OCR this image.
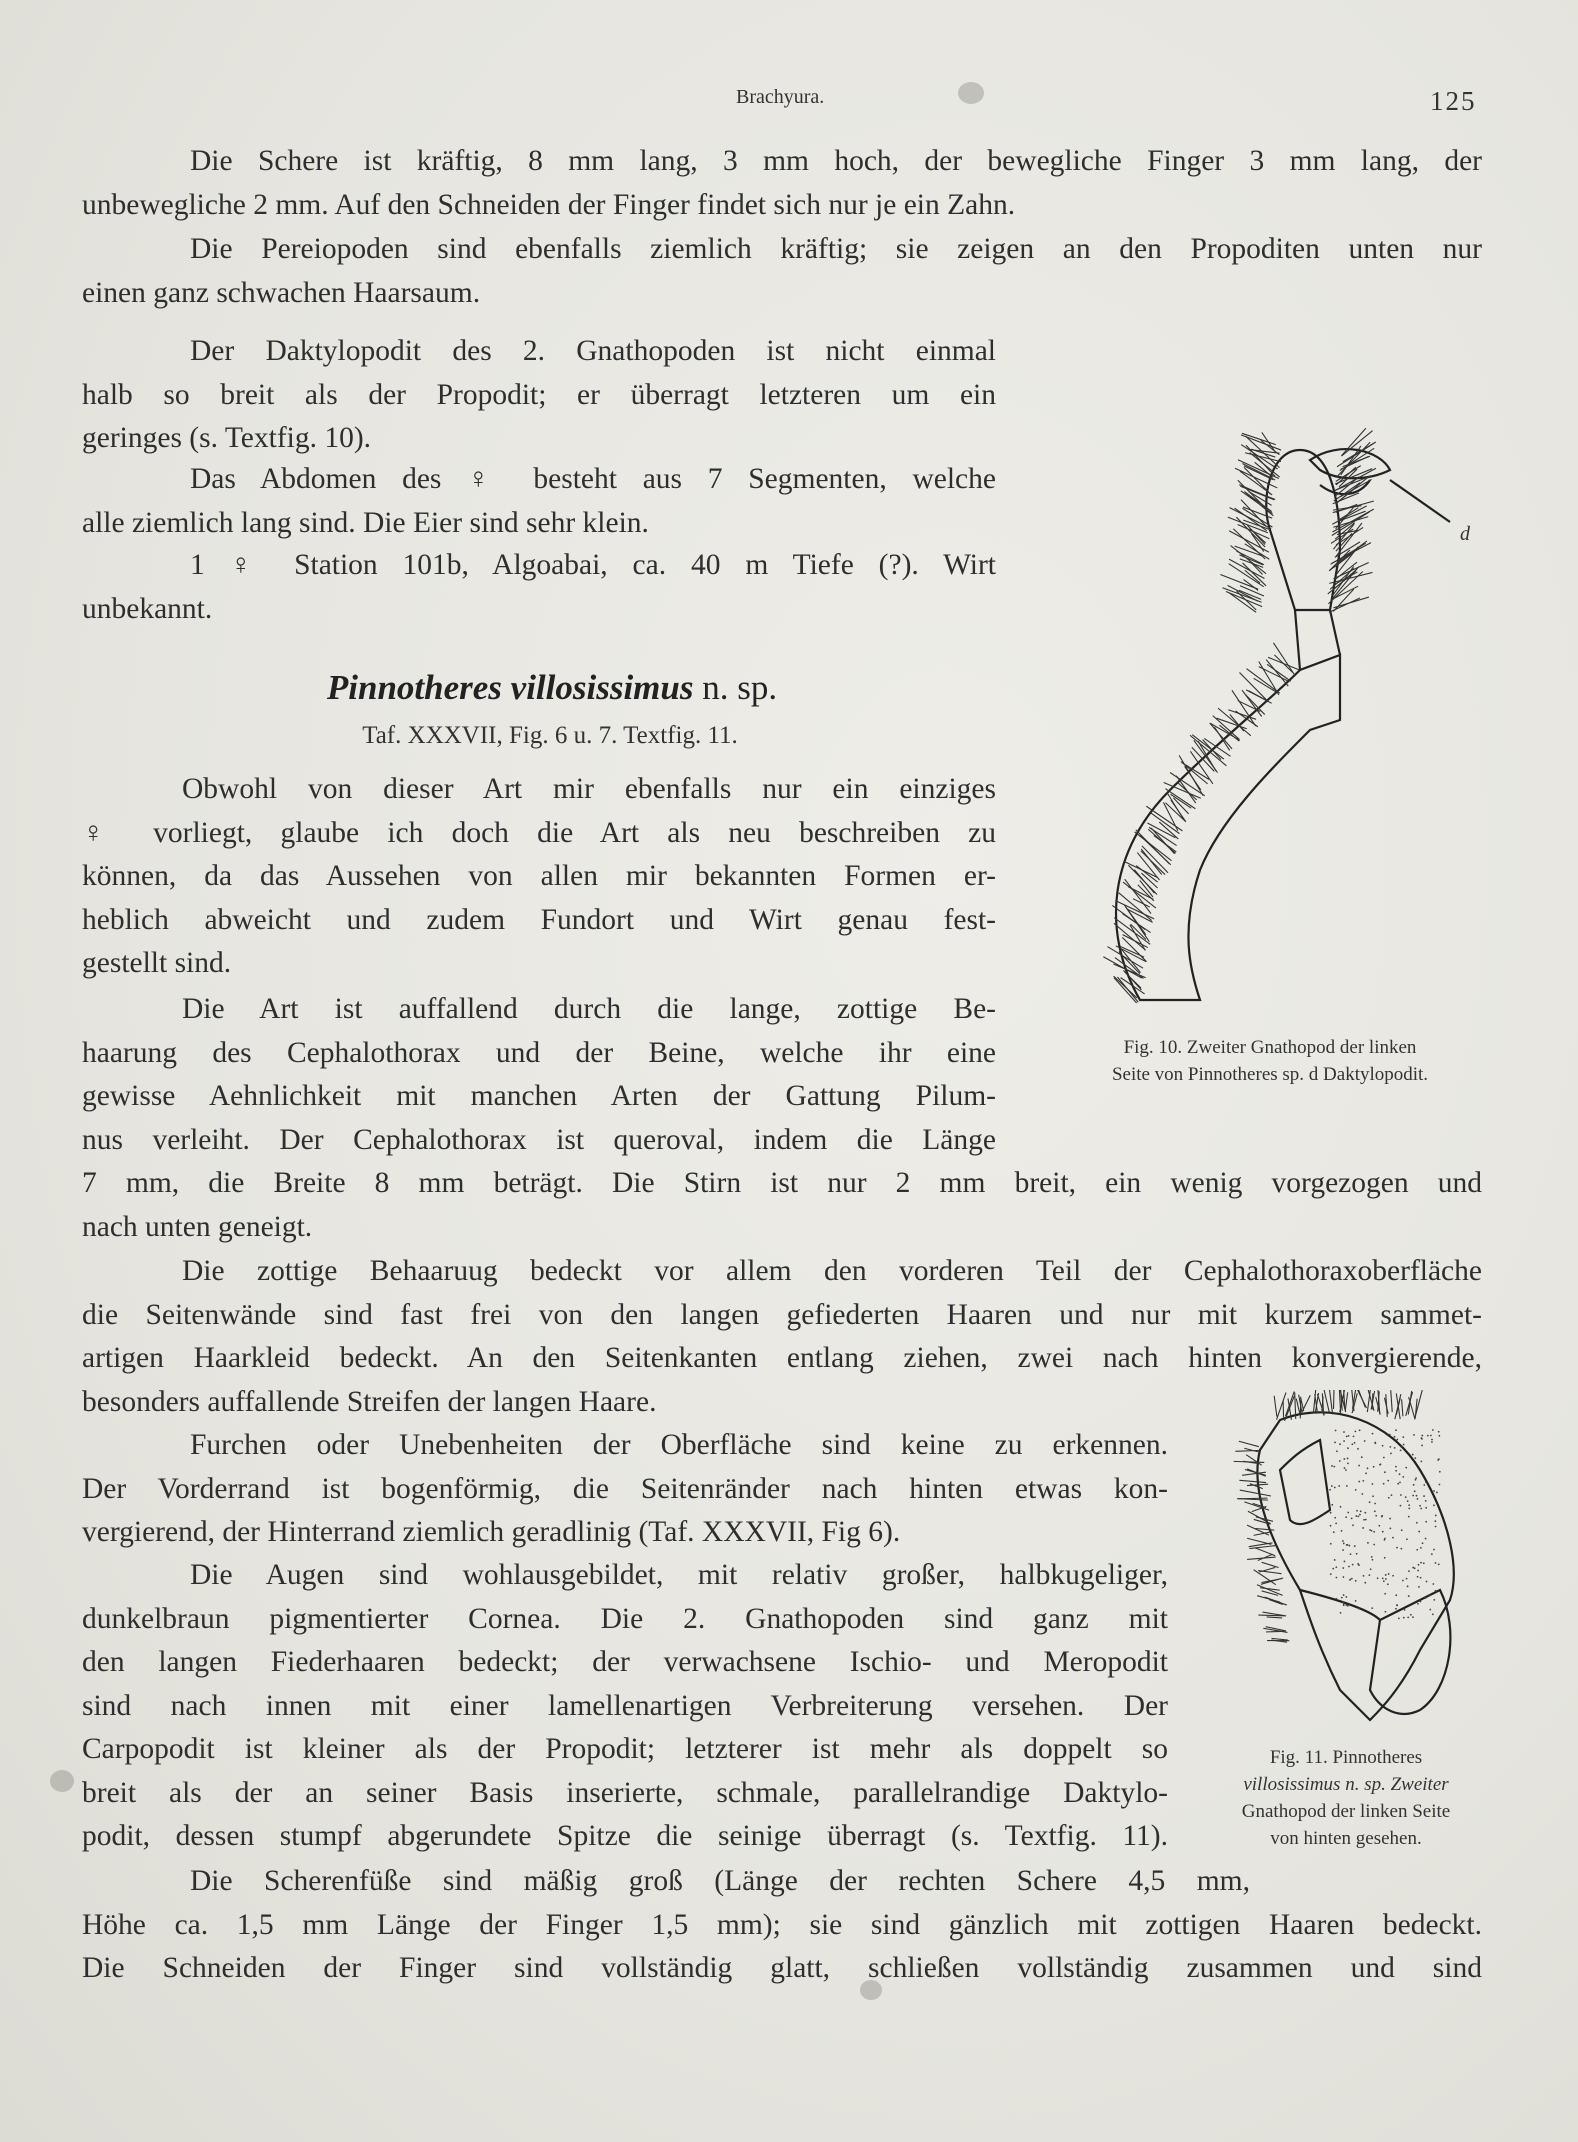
Brachyura.	125
Die Schere ist kräftig, 8 mm lang, 3 mm hoch, der bewegliche Finger 3 mm lang, der
unbewegliche 2 mm. Auf den Schneiden der Finger findet sich nur je ein Zahn.
Die Pereiopoden sind ebenfalls ziemlich kräftig; sie zeigen an den Propoditen unten nur
einen ganz schwachen Haarsaum.
Der Daktylopodit des 2. Gnathopoden ist nicht einmal
halb so breit als der Propodit; er überragt letzteren um ein
geringes (s. Textfig. 10).
Das Abdomen des ♀ besteht aus 7 Segmenten, welche
alle ziemlich lang sind. Die Eier sind sehr klein.
1 ♀ Station 101b, Algoabai, ca. 40 m Tiefe (?). Wirt
unbekannt.
Pinnotheres villosissimus n. sp.
Taf. XXXVII, Fig. 6 u. 7. Textfig. 11.
Obwohl von dieser Art mir ebenfalls nur ein einziges
♀ vorliegt, glaube ich doch die Art als neu beschreiben zu
können, da das Aussehen von allen mir bekannten Formen er-
heblich abweicht und zudem Fundort und Wirt genau fest-
gestellt sind.
Die Art ist auffallend durch die lange, zottige Be-
haarung des Cephalothorax und der Beine, welche ihr eine
gewisse Aehnlichkeit mit manchen Arten der Gattung Pilum-
nus verleiht. Der Cephalothorax ist queroval, indem die Länge
7 mm, die Breite 8 mm beträgt. Die Stirn ist nur 2 mm breit, ein wenig vorgezogen und
nach unten geneigt.
Die zottige Behaaruug bedeckt vor allem den vorderen Teil der Cephalothoraxoberfläche
die Seitenwände sind fast frei von den langen gefiederten Haaren und nur mit kurzem sammet-
artigen Haarkleid bedeckt. An den Seitenkanten entlang ziehen, zwei nach hinten konvergierende,
besonders auffallende Streifen der langen Haare.
Furchen oder Unebenheiten der Oberfläche sind keine zu erkennen.
Der Vorderrand ist bogenförmig, die Seitenränder nach hinten etwas kon-
vergierend, der Hinterrand ziemlich geradlinig (Taf. XXXVII, Fig 6).
Die Augen sind wohlausgebildet, mit relativ großer, halbkugeliger,
dunkelbraun pigmentierter Cornea. Die 2. Gnathopoden sind ganz mit
den langen Fiederhaaren bedeckt; der verwachsene Ischio- und Meropodit
sind nach innen mit einer lamellenartigen Verbreiterung versehen. Der
Carpopodit ist kleiner als der Propodit; letzterer ist mehr als doppelt so
breit als der an seiner Basis inserierte, schmale, parallelrandige Daktylo-
podit, dessen stumpf abgerundete Spitze die seinige überragt (s. Textfig. 11).
Die Scherenfüße sind mäßig groß (Länge der rechten Schere 4,5 mm,
Höhe ca. 1,5 mm Länge der Finger 1,5 mm); sie sind gänzlich mit zottigen Haaren bedeckt.
Die Schneiden der Finger sind vollständig glatt, schließen vollständig zusammen und sind
d
Fig. 10. Zweiter Gnathopod der linken
Seite von Pinnotheres sp. d Daktylopodit.
Fig. 11. Pinnotheres
villosissimus n. sp. Zweiter
Gnathopod der linken Seite
von hinten gesehen.
